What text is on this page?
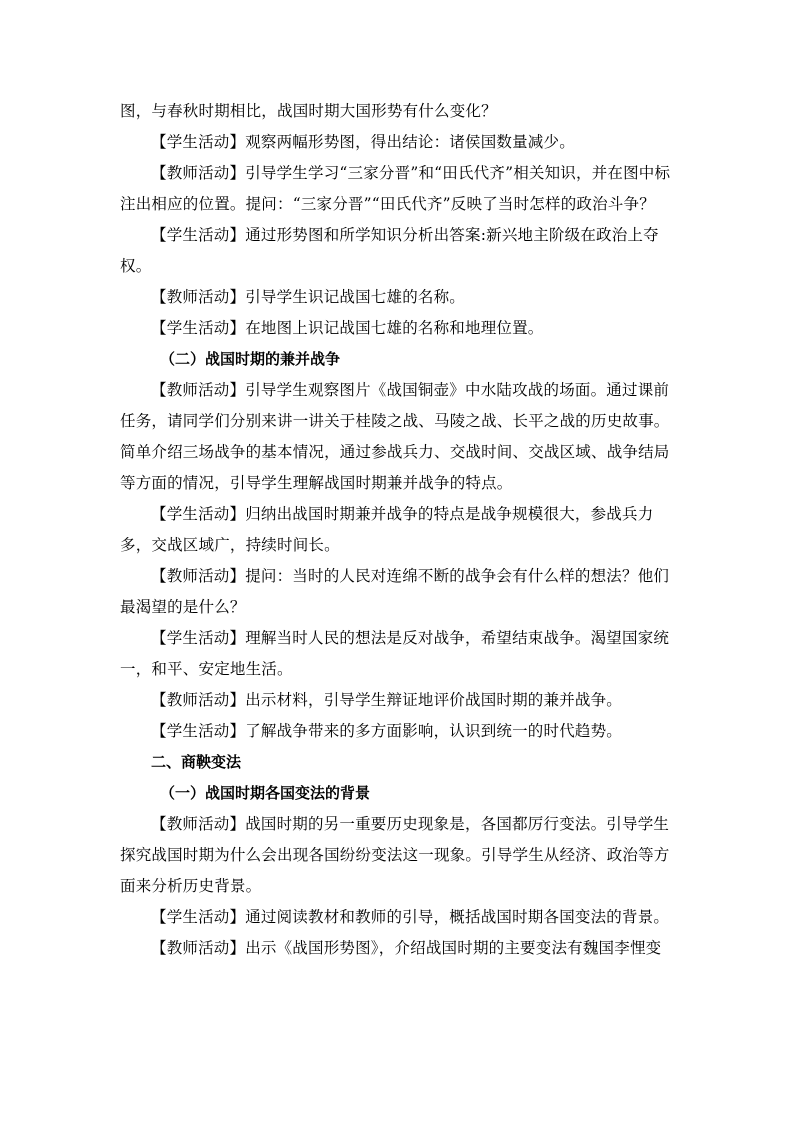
图，与春秋时期相比，战国时期大国形势有什么变化？

【学生活动】观察两幅形势图，得出结论：诸侯国数量减少。

【教师活动】引导学生学习“三家分晋”和“田氏代齐”相关知识，并在图中标注出相应的位置。提问：“三家分晋”“田氏代齐”反映了当时怎样的政治斗争？

【学生活动】通过形势图和所学知识分析出答案:新兴地主阶级在政治上夺权。

【教师活动】引导学生识记战国七雄的名称。

【学生活动】在地图上识记战国七雄的名称和地理位置。

（二）战国时期的兼并战争

【教师活动】引导学生观察图片《战国铜壶》中水陆攻战的场面。通过课前任务，请同学们分别来讲一讲关于桂陵之战、马陵之战、长平之战的历史故事。简单介绍三场战争的基本情况，通过参战兵力、交战时间、交战区域、战争结局等方面的情况，引导学生理解战国时期兼并战争的特点。

【学生活动】归纳出战国时期兼并战争的特点是战争规模很大，参战兵力多，交战区域广，持续时间长。

【教师活动】提问：当时的人民对连绵不断的战争会有什么样的想法？他们最渴望的是什么？

【学生活动】理解当时人民的想法是反对战争，希望结束战争。渴望国家统一，和平、安定地生活。

【教师活动】出示材料，引导学生辩证地评价战国时期的兼并战争。

【学生活动】了解战争带来的多方面影响，认识到统一的时代趋势。

二、商鞅变法

（一）战国时期各国变法的背景

【教师活动】战国时期的另一重要历史现象是，各国都厉行变法。引导学生探究战国时期为什么会出现各国纷纷变法这一现象。引导学生从经济、政治等方面来分析历史背景。

【学生活动】通过阅读教材和教师的引导，概括战国时期各国变法的背景。

【教师活动】出示《战国形势图》，介绍战国时期的主要变法有魏国李悝变
